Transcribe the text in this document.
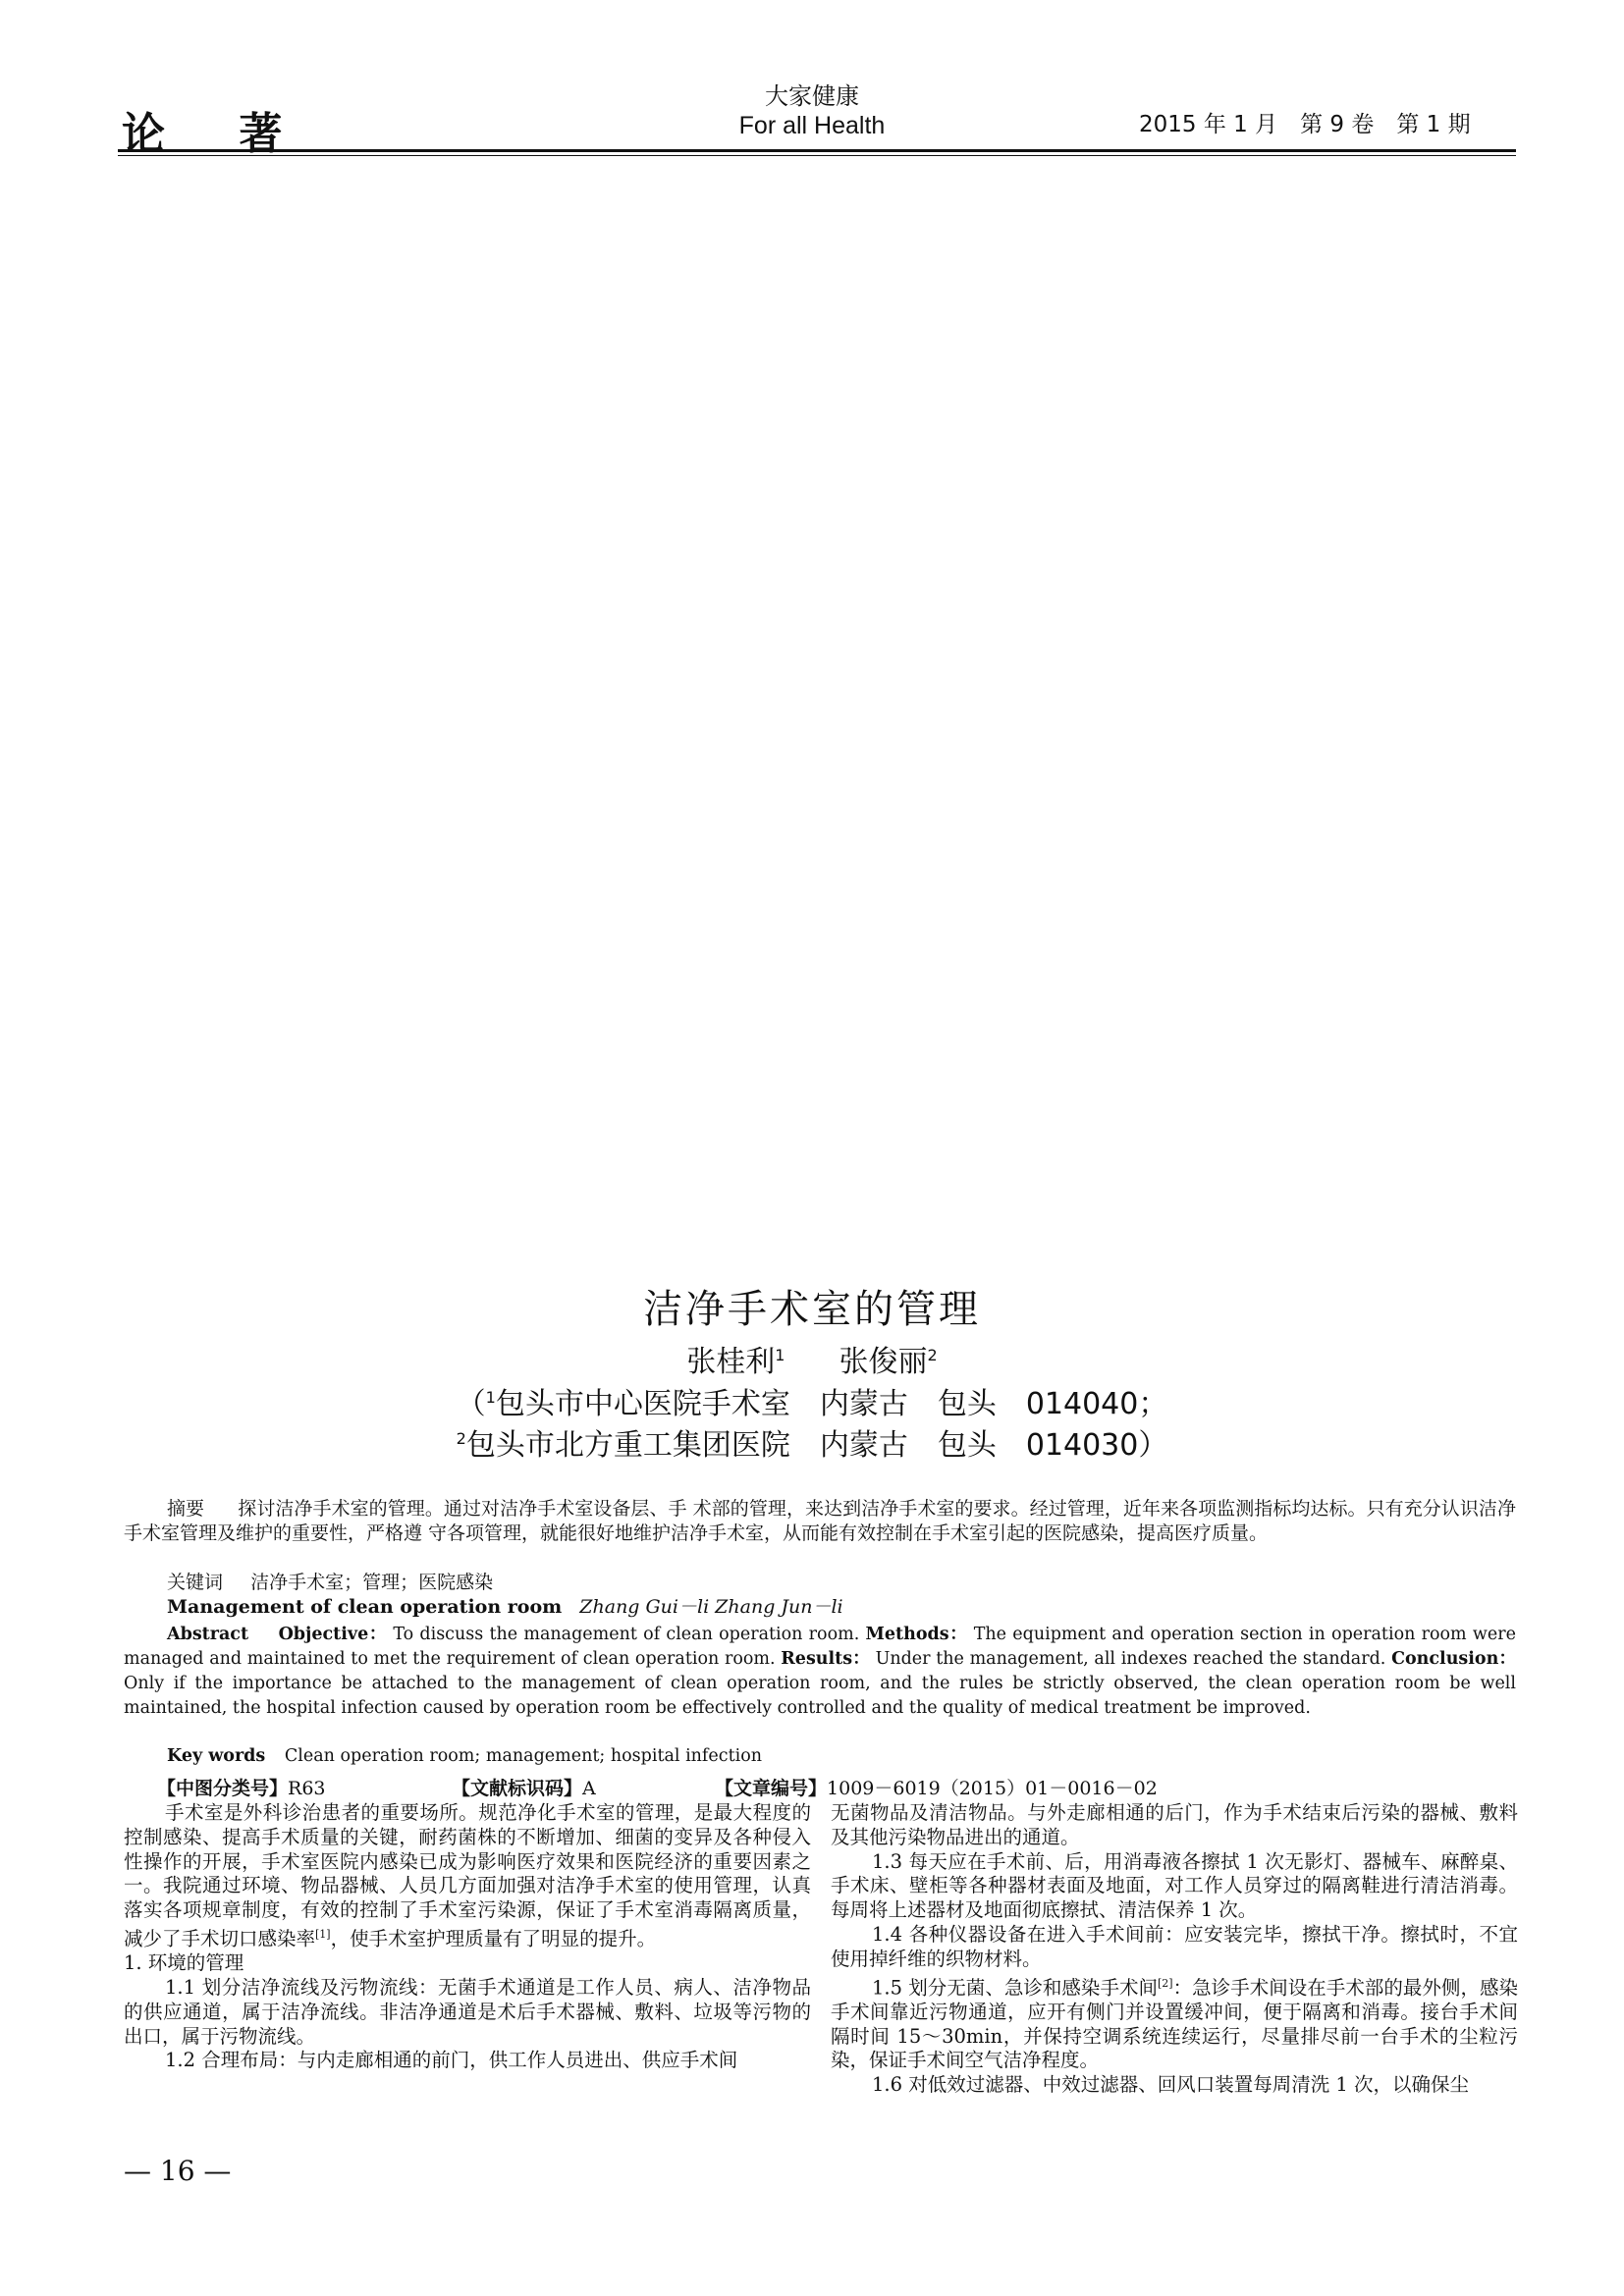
论 著
大家健康
For all Health	2015 年 1 月　第 9 卷　第 1 期
洁净手术室的管理
张桂利$^1$ 张俊丽$^2$
（$^1$包头市中心医院手术室　内蒙古　包头　014040；
$^2$包头市北方重工集团医院　内蒙古　包头　014030）
摘要 探讨洁净手术室的管理。通过对洁净手术室设备层、手 术部的管理，来达到洁净手术室的要求。经过管理，近年来各项监测指标均达标。只有充分认识洁净手术室管理及维护的重要性，严格遵 守各项管理，就能很好地维护洁净手术室，从而能有效控制在手术室引起的医院感染，提高医疗质量。
关键词 洁净手术室；管理；医院感染
Management of clean operation room Zhang Gui－li Zhang Jun－li
Abstract Objective： To discuss the management of clean operation room. Methods： The equipment and operation section in operation room were managed and maintained to met the requirement of clean operation room. Results： Under the management, all indexes reached the standard. Conclusion： Only if the importance be attached to the management of clean operation room, and the rules be strictly observed, the clean operation room be well maintained, the hospital infection caused by operation room be effectively controlled and the quality of medical treatment be improved.
Key words Clean operation room; management; hospital infection
【中图分类号】R63	【文献标识码】A	【文章编号】1009－6019（2015）01－0016－02

手术室是外科诊治患者的重要场所。规范净化手术室的管理，是最大程度的控制感染、提高手术质量的关键，耐药菌株的不断增加、细菌的变异及各种侵入性操作的开展，手术室医院内感染已成为影响医疗效果和医院经济的重要因素之一。我院通过环境、物品器械、人员几方面加强对洁净手术室的使用管理，认真落实各项规章制度，有效的控制了手术室污染源，保证了手术室消毒隔离质量，减少了手术切口感染率[1]，使手术室护理质量有了明显的提升。

1. 环境的管理

1.1 划分洁净流线及污物流线：无菌手术通道是工作人员、病人、洁净物品的供应通道，属于洁净流线。非洁净通道是术后手术器械、敷料、垃圾等污物的出口，属于污物流线。

1.2 合理布局：与内走廊相通的前门，供工作人员进出、供应手术间

无菌物品及清洁物品。与外走廊相通的后门，作为手术结束后污染的器械、敷料及其他污染物品进出的通道。

1.3 每天应在手术前、后，用消毒液各擦拭 1 次无影灯、器械车、麻醉桌、手术床、壁柜等各种器材表面及地面，对工作人员穿过的隔离鞋进行清洁消毒。每周将上述器材及地面彻底擦拭、清洁保养 1 次。

1.4 各种仪器设备在进入手术间前：应安装完毕，擦拭干净。擦拭时，不宜使用掉纤维的织物材料。

1.5 划分无菌、急诊和感染手术间[2]：急诊手术间设在手术部的最外侧，感染手术间靠近污物通道，应开有侧门并设置缓冲间，便于隔离和消毒。接台手术间隔时间 15～30min，并保持空调系统连续运行，尽量排尽前一台手术的尘粒污染，保证手术间空气洁净程度。

1.6 对低效过滤器、中效过滤器、回风口装置每周清洗 1 次，以确保尘

— 16 —
